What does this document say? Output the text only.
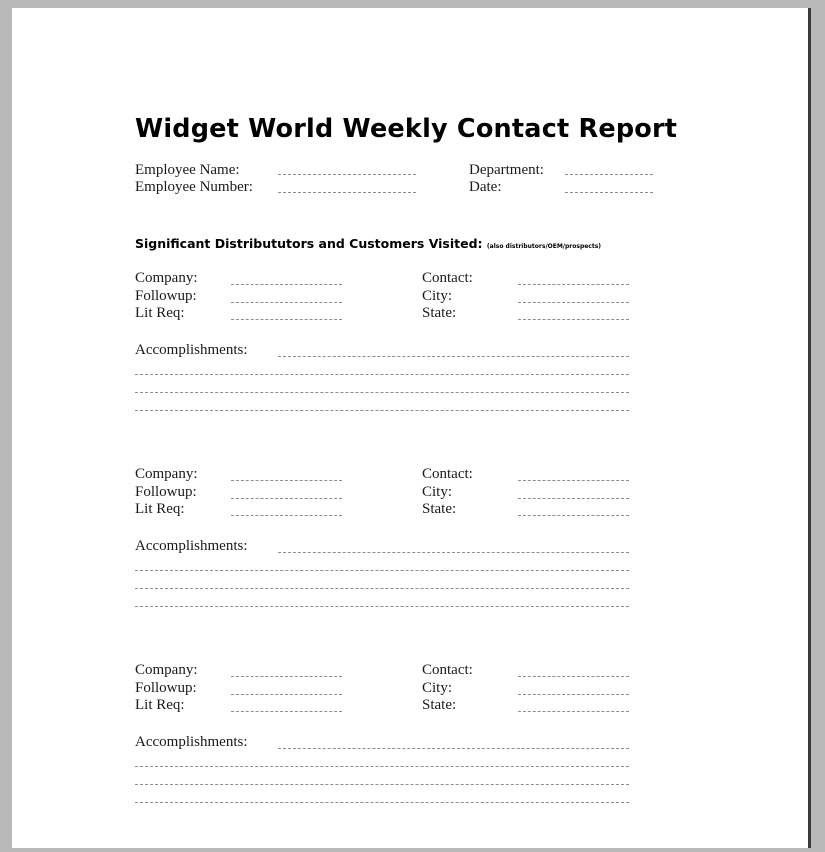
Widget World Weekly Contact Report
Employee Name:
Employee Number:
Department:
Date:
Significant Distribututors and Customers Visited: (also distributors/OEM/prospects)
Company:
Followup:
Lit Req:
Contact:
City:
State:
Accomplishments:
Company:
Followup:
Lit Req:
Contact:
City:
State:
Accomplishments:
Company:
Followup:
Lit Req:
Contact:
City:
State:
Accomplishments:
